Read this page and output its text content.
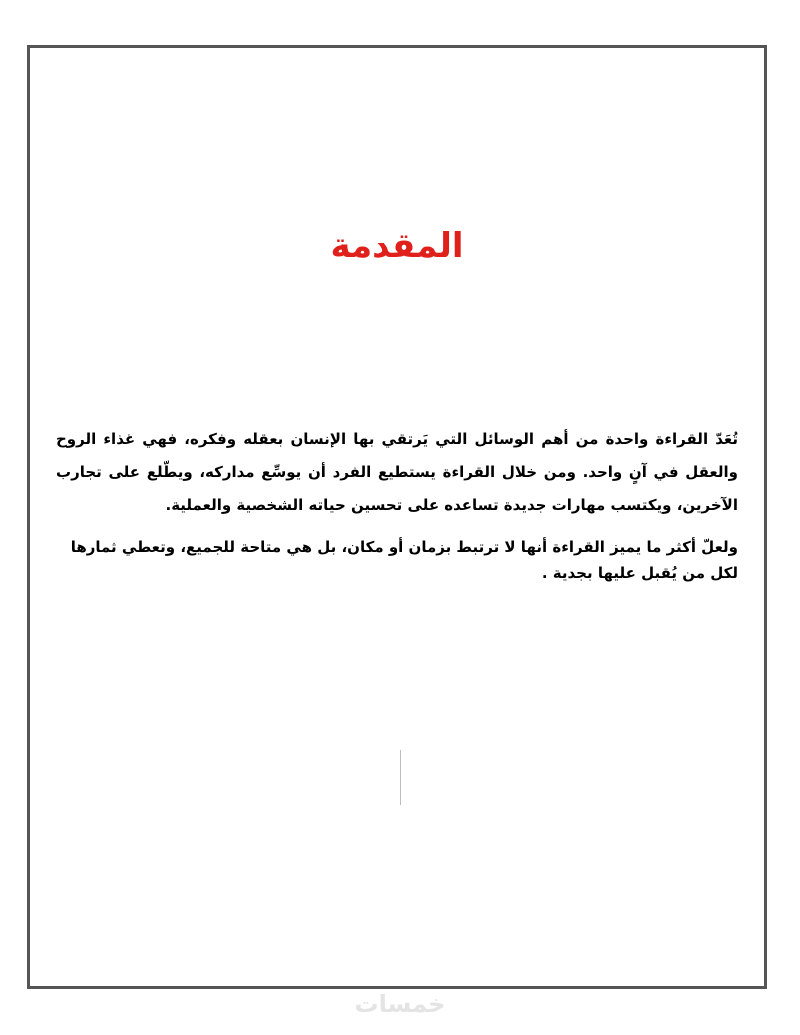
المقدمة

تُعَدّ القراءة واحدة من أهم الوسائل التي يَرتقي بها الإنسان بعقله وفكره، فهي غذاء الروح والعقل في آنٍ واحد. ومن خلال القراءة يستطيع الفرد أن يوسِّع مداركه، ويطّلع على تجارب الآخرين، ويكتسب مهارات جديدة تساعده على تحسين حياته الشخصية والعملية.

ولعلّ أكثر ما يميز القراءة أنها لا ترتبط بزمان أو مكان، بل هي متاحة للجميع، وتعطي ثمارها لكل من يُقبل عليها بجدية .

خمسات
